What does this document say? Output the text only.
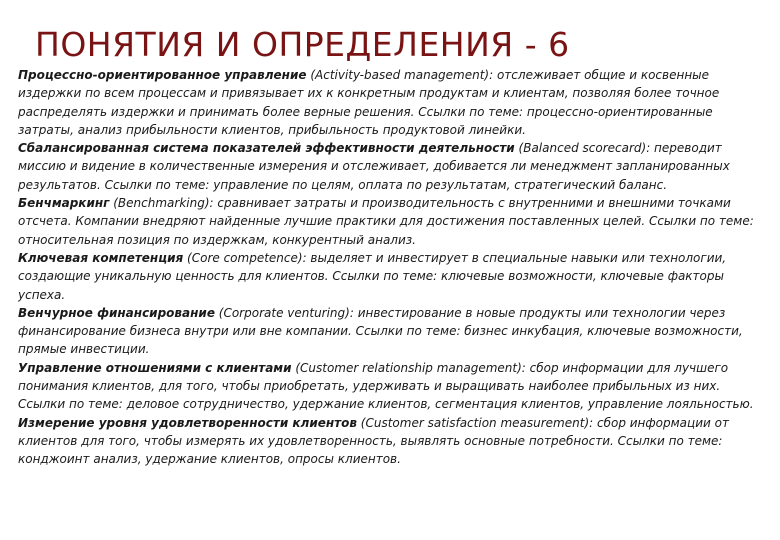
ПОНЯТИЯ И ОПРЕДЕЛЕНИЯ - 6

Процессно-ориентированное управление (Activity-based management): отслеживает общие и косвенные издержки по всем процессам и привязывает их к конкретным продуктам и клиентам, позволяя более точное распределять издержки и принимать более верные решения. Ссылки по теме: процессно-ориентированные затраты, анализ прибыльности клиентов, прибыльность продуктовой линейки.

Сбалансированная система показателей эффективности деятельности (Balanced scorecard): переводит миссию и видение в количественные измерения и отслеживает, добивается ли менеджмент запланированных результатов. Ссылки по теме: управление по целям, оплата по результатам, стратегический баланс.

Бенчмаркинг (Benchmarking): сравнивает затраты и производительность с внутренними и внешними точками отсчета. Компании внедряют найденные лучшие практики для достижения поставленных целей. Ссылки по теме: относительная позиция по издержкам, конкурентный анализ.

Ключевая компетенция (Core competence): выделяет и инвестирует в специальные навыки или технологии, создающие уникальную ценность для клиентов. Ссылки по теме: ключевые возможности, ключевые факторы успеха.

Венчурное финансирование (Corporate venturing): инвестирование в новые продукты или технологии через финансирование бизнеса внутри или вне компании. Ссылки по теме: бизнес инкубация, ключевые возможности, прямые инвестиции.

Управление отношениями с клиентами (Customer relationship management): сбор информации для лучшего понимания клиентов, для того, чтобы приобретать, удерживать и выращивать наиболее прибыльных из них. Ссылки по теме: деловое сотрудничество, удержание клиентов, сегментация клиентов, управление лояльностью.

Измерение уровня удовлетворенности клиентов (Customer satisfaction measurement): сбор информации от клиентов для того, чтобы измерять их удовлетворенность, выявлять основные потребности. Ссылки по теме: конджоинт анализ, удержание клиентов, опросы клиентов.
